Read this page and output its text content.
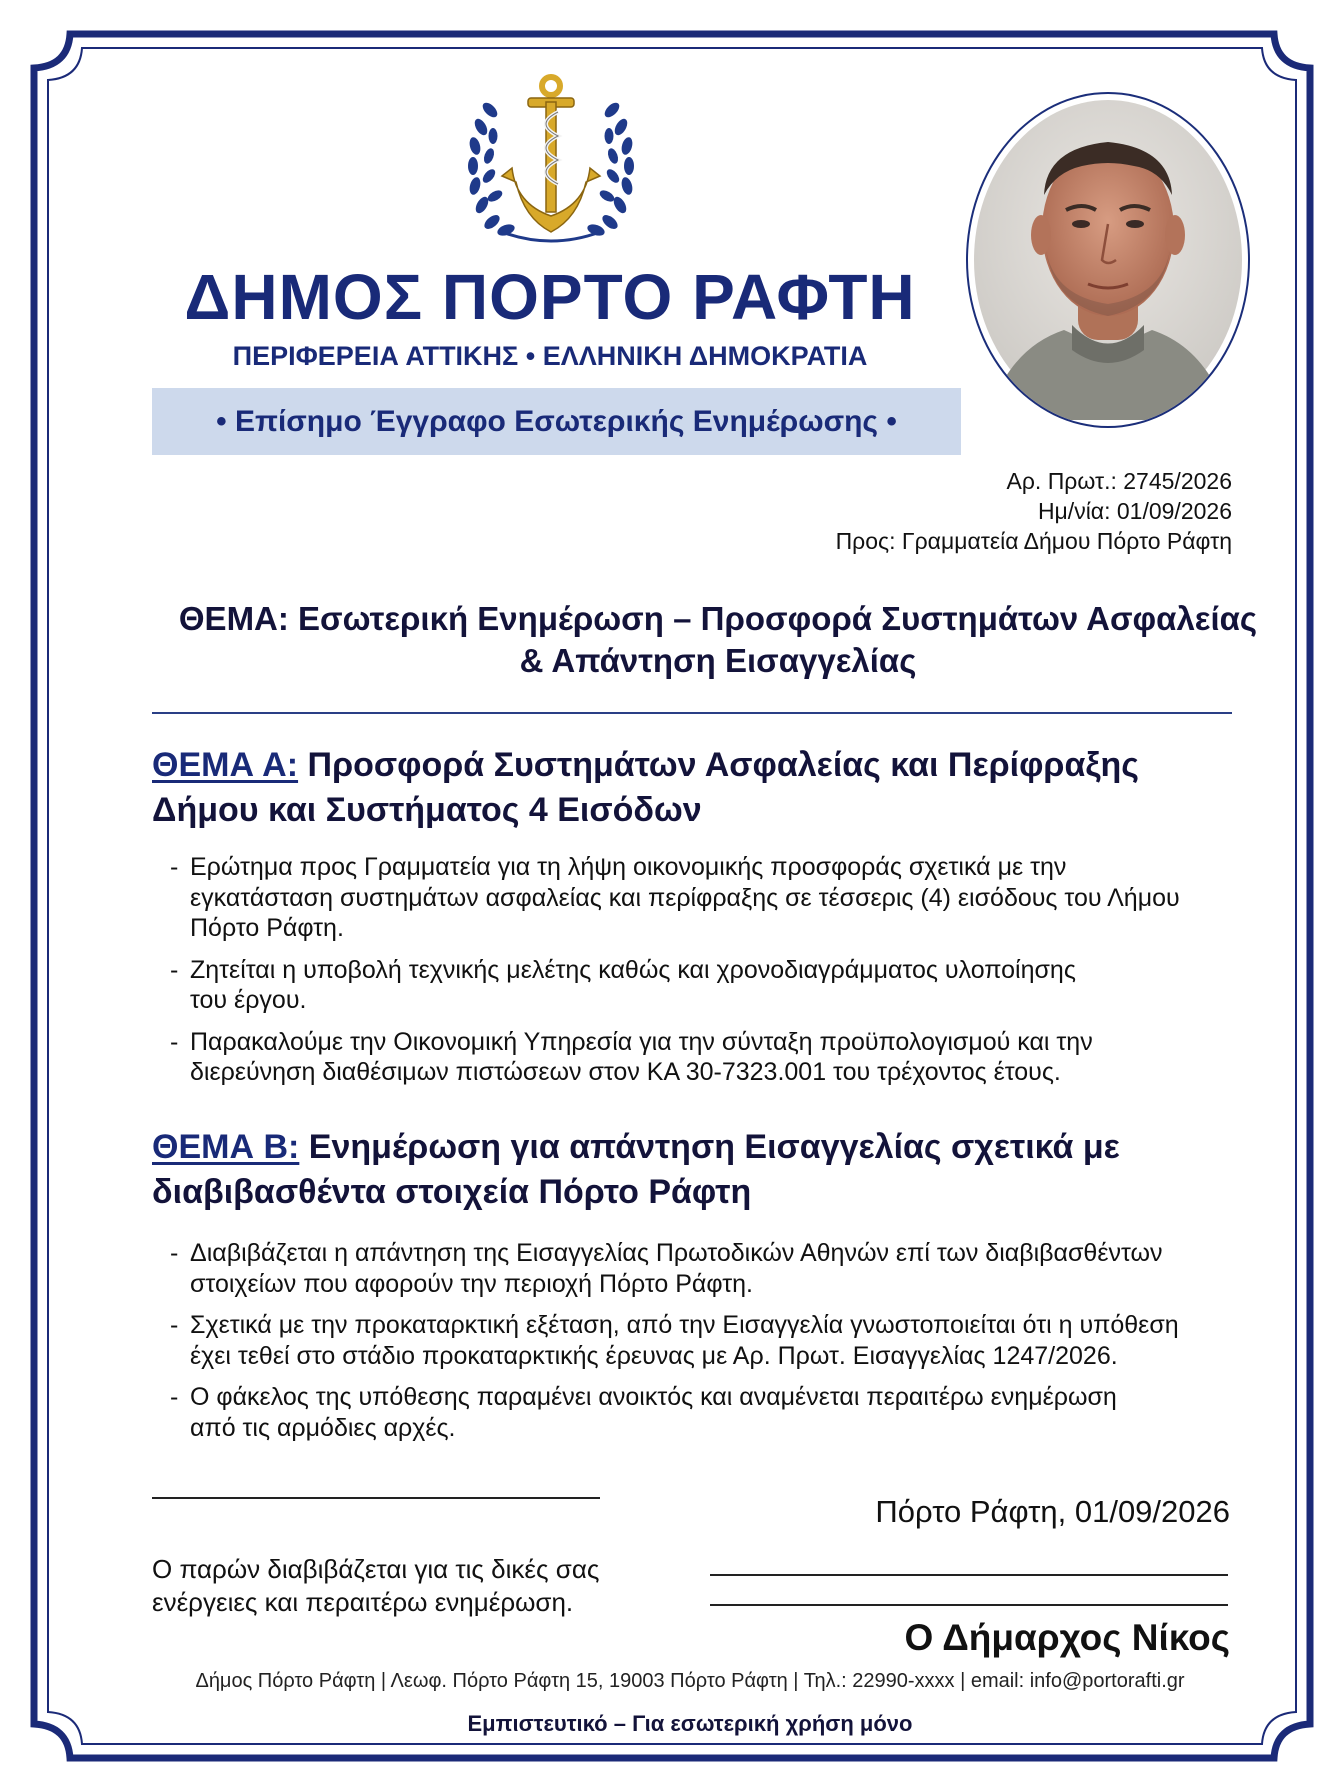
ΔΗΜΟΣ ΠΟΡΤΟ ΡΑΦΤΗ
ΠΕΡΙΦΕΡΕΙΑ ΑΤΤΙΚΗΣ • ΕΛΛΗΝΙΚΗ ΔΗΜΟΚΡΑΤΙΑ
• Επίσημο Έγγραφο Εσωτερικής Ενημέρωσης •
Αρ. Πρωτ.: 2745/2026
Ημ/νία: 01/09/2026
Προς: Γραμματεία Δήμου Πόρτο Ράφτη
ΘΕΜΑ: Εσωτερική Ενημέρωση – Προσφορά Συστημάτων Ασφαλείας
& Απάντηση Εισαγγελίας
ΘΕΜΑ Α: Προσφορά Συστημάτων Ασφαλείας και Περίφραξης
Δήμου και Συστήματος 4 Εισόδων
- Ερώτημα προς Γραμματεία για τη λήψη οικονομικής προσφοράς σχετικά με την
εγκατάσταση συστημάτων ασφαλείας και περίφραξης σε τέσσερις (4) εισόδους του Λήμου
Πόρτο Ράφτη.
- Ζητείται η υποβολή τεχνικής μελέτης καθώς και χρονοδιαγράμματος υλοποίησης
του έργου.
- Παρακαλούμε την Οικονομική Υπηρεσία για την σύνταξη προϋπολογισμού και την
διερεύνηση διαθέσιμων πιστώσεων στον ΚΑ 30-7323.001 του τρέχοντος έτους.
ΘΕΜΑ Β: Ενημέρωση για απάντηση Εισαγγελίας σχετικά με
διαβιβασθέντα στοιχεία Πόρτο Ράφτη
- Διαβιβάζεται η απάντηση της Εισαγγελίας Πρωτοδικών Αθηνών επί των διαβιβασθέντων
στοιχείων που αφορούν την περιοχή Πόρτο Ράφτη.
- Σχετικά με την προκαταρκτική εξέταση, από την Εισαγγελία γνωστοποιείται ότι η υπόθεση
έχει τεθεί στο στάδιο προκαταρκτικής έρευνας με Αρ. Πρωτ. Εισαγγελίας 1247/2026.
- Ο φάκελος της υπόθεσης παραμένει ανοικτός και αναμένεται περαιτέρω ενημέρωση
από τις αρμόδιες αρχές.
Πόρτο Ράφτη, 01/09/2026
Ο παρών διαβιβάζεται για τις δικές σας
ενέργειες και περαιτέρω ενημέρωση.
Ο Δήμαρχος Νίκος
Δήμος Πόρτο Ράφτη | Λεωφ. Πόρτο Ράφτη 15, 19003 Πόρτο Ράφτη | Τηλ.: 22990-xxxx | email: info@portorafti.gr
Εμπιστευτικό – Για εσωτερική χρήση μόνο
